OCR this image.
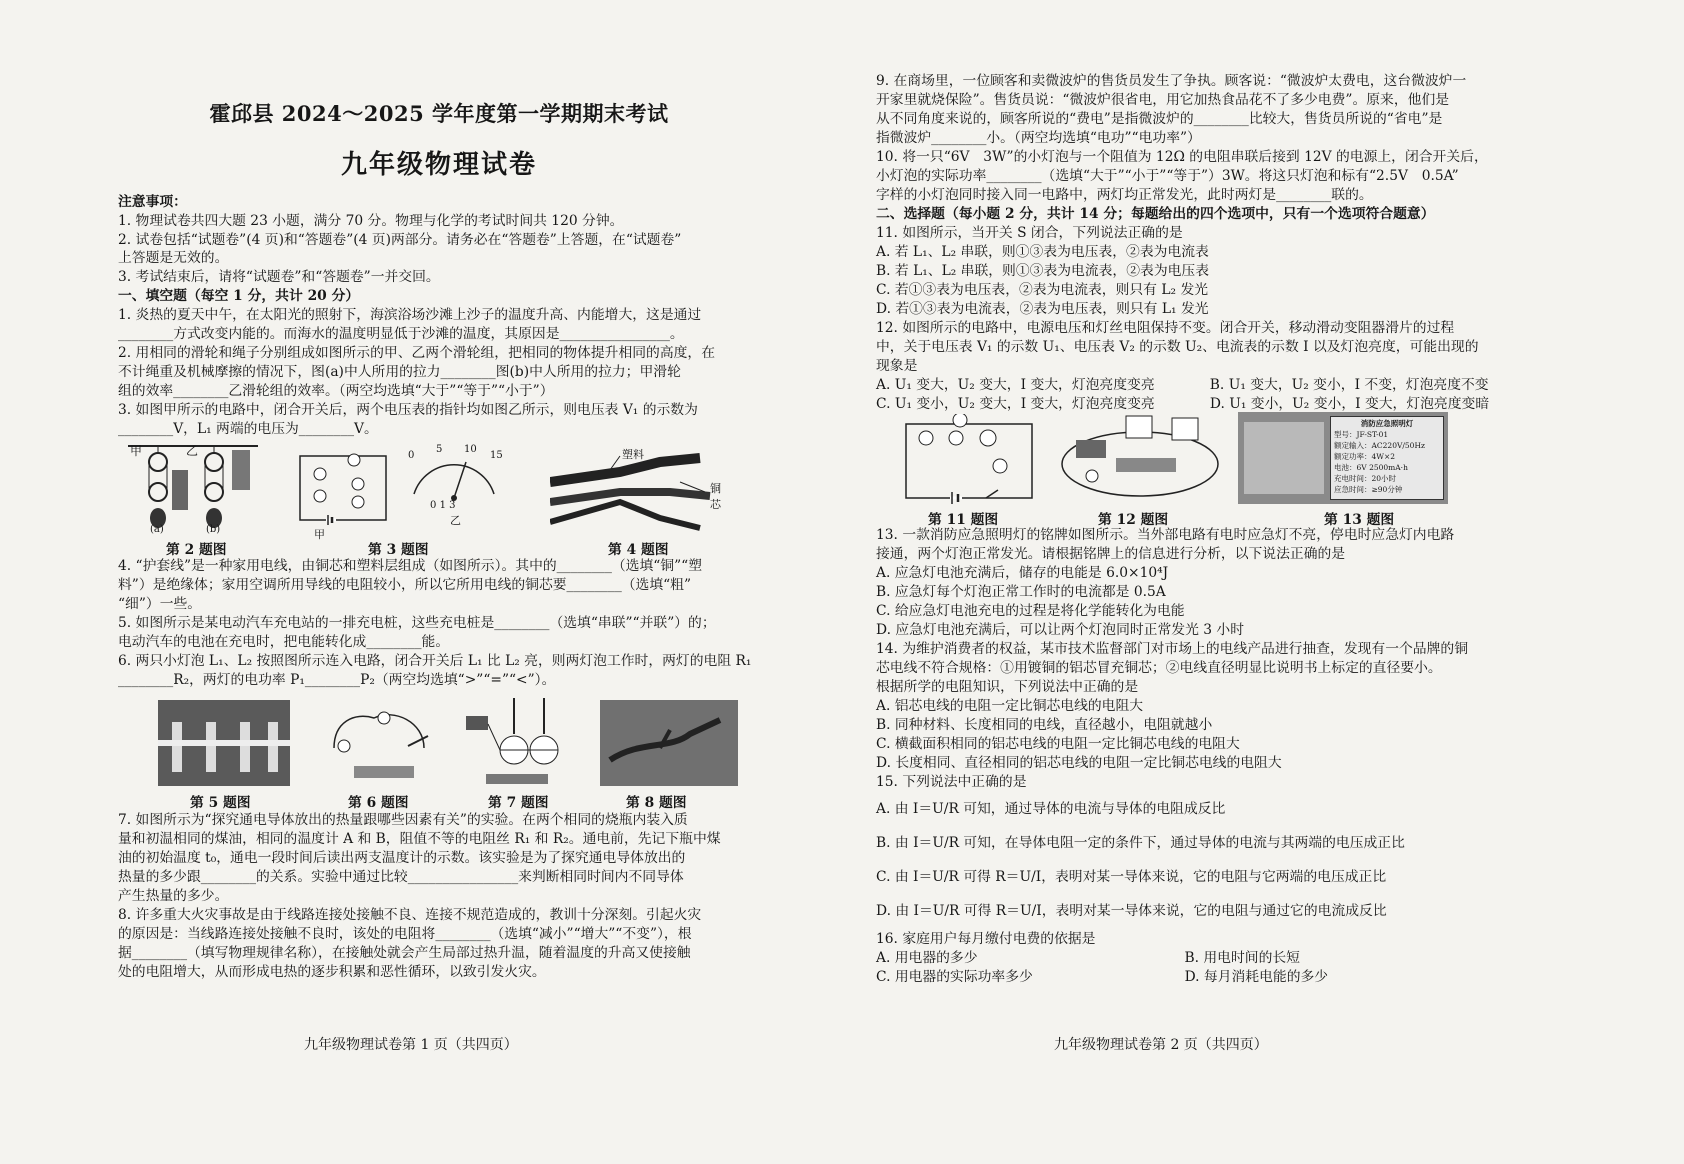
霍邱县 2024～2025 学年度第一学期期末考试
九年级物理试卷
注意事项：
1. 物理试卷共四大题 23 小题，满分 70 分。物理与化学的考试时间共 120 分钟。
2. 试卷包括“试题卷”(4 页)和“答题卷”(4 页)两部分。请务必在“答题卷”上答题，在“试题卷”
上答题是无效的。
3. 考试结束后，请将“试题卷”和“答题卷”一并交回。
一、填空题（每空 1 分，共计 20 分）
1. 炎热的夏天中午，在太阳光的照射下，海滨浴场沙滩上沙子的温度升高、内能增大，这是通过
________方式改变内能的。而海水的温度明显低于沙滩的温度，其原因是________________。
2. 用相同的滑轮和绳子分别组成如图所示的甲、乙两个滑轮组，把相同的物体提升相同的高度，在
不计绳重及机械摩擦的情况下，图(a)中人所用的拉力________图(b)中人所用的拉力；甲滑轮
组的效率________乙滑轮组的效率。（两空均选填“大于”“等于”“小于”）
3. 如图甲所示的电路中，闭合开关后，两个电压表的指针均如图乙所示，则电压表 V₁ 的示数为
________V，L₁ 两端的电压为________V。
甲	乙
(a)	(b)
第 2 题图
甲
0 1 3
0
5 10
15
乙
第 3 题图
塑料
铜芯
第 4 题图
4. “护套线”是一种家用电线，由铜芯和塑料层组成（如图所示）。其中的________（选填“铜”“塑
料”）是绝缘体；家用空调所用导线的电阻较小，所以它所用电线的铜芯要________（选填“粗”
“细”）一些。
5. 如图所示是某电动汽车充电站的一排充电桩，这些充电桩是________（选填“串联”“并联”）的；
电动汽车的电池在充电时，把电能转化成________能。
6. 两只小灯泡 L₁、L₂ 按照图所示连入电路，闭合开关后 L₁ 比 L₂ 亮，则两灯泡工作时，两灯的电阻 R₁
________R₂，两灯的电功率 P₁________P₂（两空均选填“>”“=”“<”）。
第 5 题图	第 6 题图	第 7 题图	第 8 题图
7. 如图所示为“探究通电导体放出的热量跟哪些因素有关”的实验。在两个相同的烧瓶内装入质
量和初温相同的煤油，相同的温度计 A 和 B，阻值不等的电阻丝 R₁ 和 R₂。通电前，先记下瓶中煤
油的初始温度 t₀，通电一段时间后读出两支温度计的示数。该实验是为了探究通电导体放出的
热量的多少跟________的关系。实验中通过比较________________来判断相同时间内不同导体
产生热量的多少。
8. 许多重大火灾事故是由于线路连接处接触不良、连接不规范造成的，教训十分深刻。引起火灾
的原因是：当线路连接处接触不良时，该处的电阻将________（选填“减小”“增大”“不变”），根
据________（填写物理规律名称），在接触处就会产生局部过热升温，随着温度的升高又使接触
处的电阻增大，从而形成电热的逐步积累和恶性循环，以致引发火灾。
九年级物理试卷第 1 页（共四页）
9. 在商场里，一位顾客和卖微波炉的售货员发生了争执。顾客说：“微波炉太费电，这台微波炉一
开家里就烧保险”。售货员说：“微波炉很省电，用它加热食品花不了多少电费”。原来，他们是
从不同角度来说的，顾客所说的“费电”是指微波炉的________比较大，售货员所说的“省电”是
指微波炉________小。（两空均选填“电功”“电功率”）
10. 将一只“6V　3W”的小灯泡与一个阻值为 12Ω 的电阻串联后接到 12V 的电源上，闭合开关后，
小灯泡的实际功率________（选填“大于”“小于”“等于”）3W。将这只灯泡和标有“2.5V　0.5A”
字样的小灯泡同时接入同一电路中，两灯均正常发光，此时两灯是________联的。
二、选择题（每小题 2 分，共计 14 分；每题给出的四个选项中，只有一个选项符合题意）
11. 如图所示，当开关 S 闭合，下列说法正确的是
A. 若 L₁、L₂ 串联，则①③表为电压表，②表为电流表
B. 若 L₁、L₂ 串联，则①③表为电流表，②表为电压表
C. 若①③表为电压表，②表为电流表，则只有 L₂ 发光
D. 若①③表为电流表，②表为电压表，则只有 L₁ 发光
12. 如图所示的电路中，电源电压和灯丝电阻保持不变。闭合开关，移动滑动变阻器滑片的过程
中，关于电压表 V₁ 的示数 U₁、电压表 V₂ 的示数 U₂、电流表的示数 I 以及灯泡亮度，可能出现的
现象是
A. U₁ 变大，U₂ 变大，I 变大，灯泡亮度变亮　　　　B. U₁ 变大，U₂ 变小，I 不变，灯泡亮度不变
C. U₁ 变小，U₂ 变大，I 变大，灯泡亮度变亮　　　　D. U₁ 变小，U₂ 变小，I 变大，灯泡亮度变暗
第 11 题图	第 12 题图
消防应急照明灯
型号：JF-ST-01
额定输入：AC220V/50Hz
额定功率：4W×2
电池：6V 2500mA·h
充电时间：20小时
应急时间：≥90分钟
第 13 题图
13. 一款消防应急照明灯的铭牌如图所示。当外部电路有电时应急灯不亮，停电时应急灯内电路
接通，两个灯泡正常发光。请根据铭牌上的信息进行分析，以下说法正确的是
A. 应急灯电池充满后，储存的电能是 6.0×10⁴J
B. 应急灯每个灯泡正常工作时的电流都是 0.5A
C. 给应急灯电池充电的过程是将化学能转化为电能
D. 应急灯电池充满后，可以让两个灯泡同时正常发光 3 小时
14. 为维护消费者的权益，某市技术监督部门对市场上的电线产品进行抽查，发现有一个品牌的铜
芯电线不符合规格：①用镀铜的铝芯冒充铜芯；②电线直径明显比说明书上标定的直径要小。
根据所学的电阻知识，下列说法中正确的是
A. 铝芯电线的电阻一定比铜芯电线的电阻大
B. 同种材料、长度相同的电线，直径越小，电阻就越小
C. 横截面积相同的铝芯电线的电阻一定比铜芯电线的电阻大
D. 长度相同、直径相同的铝芯电线的电阻一定比铜芯电线的电阻大
15. 下列说法中正确的是
A. 由 I＝U/R 可知，通过导体的电流与导体的电阻成反比
B. 由 I＝U/R 可知，在导体电阻一定的条件下，通过导体的电流与其两端的电压成正比
C. 由 I＝U/R 可得 R＝U/I，表明对某一导体来说，它的电阻与它两端的电压成正比
D. 由 I＝U/R 可得 R＝U/I，表明对某一导体来说，它的电阻与通过它的电流成反比
16. 家庭用户每月缴付电费的依据是
A. 用电器的多少　　　　　　　　　　　　　　　B. 用电时间的长短
C. 用电器的实际功率多少　　　　　　　　　　　D. 每月消耗电能的多少
九年级物理试卷第 2 页（共四页）
